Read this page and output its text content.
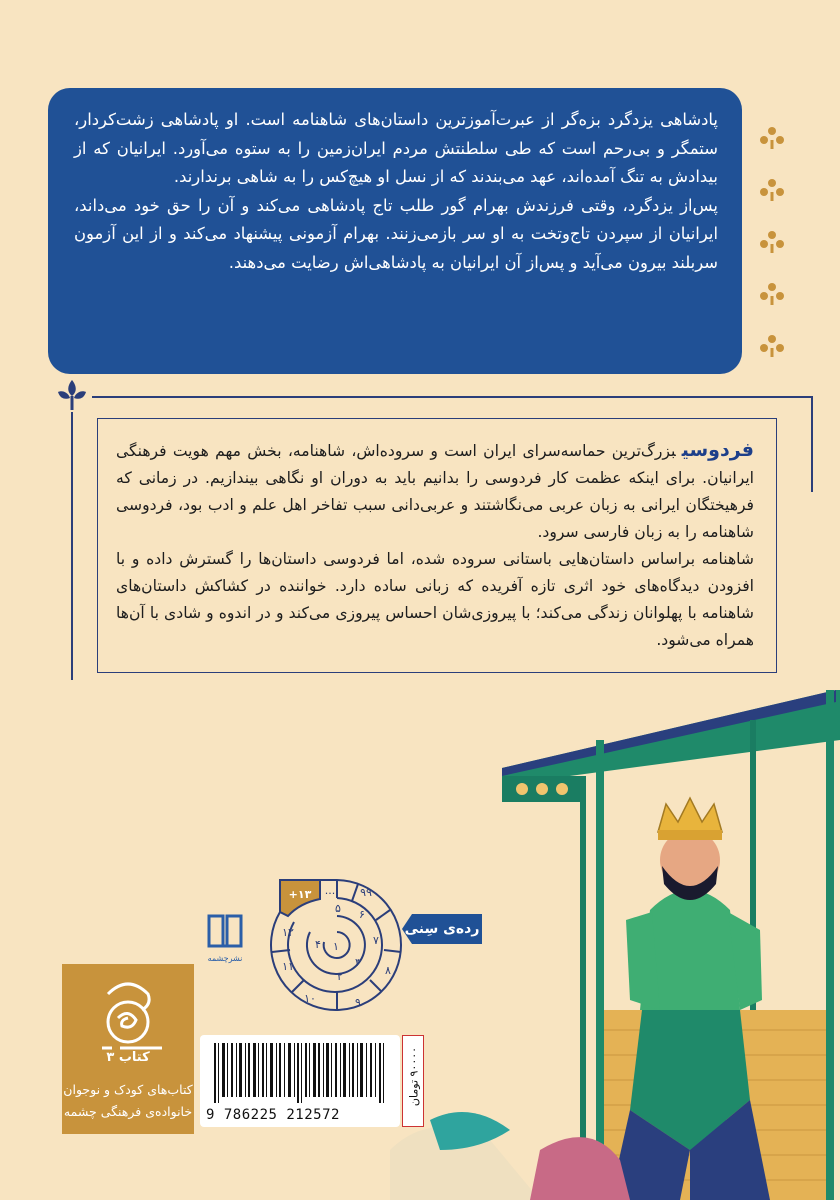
پادشاهی یزدگرد بزه‌گر از عبرت‌آموزترین داستان‌های شاهنامه است. او پادشاهی زشت‌کردار، ستمگر و بی‌رحم است که طی سلطنتش مردم ایران‌زمین را به ستوه می‌آورد. ایرانیان که از بیدادش به تنگ آمده‌اند، عهد می‌بندند که از نسل او هیچ‌کس را به شاهی برندارند.

پس‌از یزدگرد، وقتی فرزندش بهرام گور طلب تاج پادشاهی می‌کند و آن را حق خود می‌داند، ایرانیان از سپردن تاج‌وتخت به او سر بازمی‌زنند. بهرام آزمونی پیشنهاد می‌کند و از این آزمون سربلند بیرون می‌آید و پس‌از آن ایرانیان به پادشاهی‌اش رضایت می‌دهند.

فردوسیبزرگ‌ترین حماسه‌سرای ایران است و سروده‌اش، شاهنامه، بخش مهم هویت فرهنگی ایرانیان. برای اینکه عظمت کار فردوسی را بدانیم باید به دوران او نگاهی بیندازیم. در زمانی که فرهیختگان ایرانی به زبان عربی می‌نگاشتند و عربی‌دانی سبب تفاخر اهل علم و ادب بود، فردوسی شاهنامه را به زبان فارسی سرود.

شاهنامه براساس داستان‌هایی باستانی سروده شده، اما فردوسی داستان‌ها را گسترش داده و با افزودن دیدگاه‌های خود اثری تازه آفریده که زبانی ساده دارد. خواننده در کشاکش داستان‌های شاهنامه با پهلوانان زندگی می‌کند؛ با پیروزی‌شان احساس پیروزی می‌کند و در اندوه و شادی با آن‌ها همراه می‌شود.

+۱۳ ... ۹۹
۱۲
۱۱
۱۰	۹
۸
۷
۶
۵
۴
۳
۲
۱
رده‌ی سِنی
نشرچشمه
کتاب ۳
کتاب‌های کودک و نوجوان
خانواده‌ی فرهنگی چشمه 9 786225 212572
۹۰۰۰۰ تومان
